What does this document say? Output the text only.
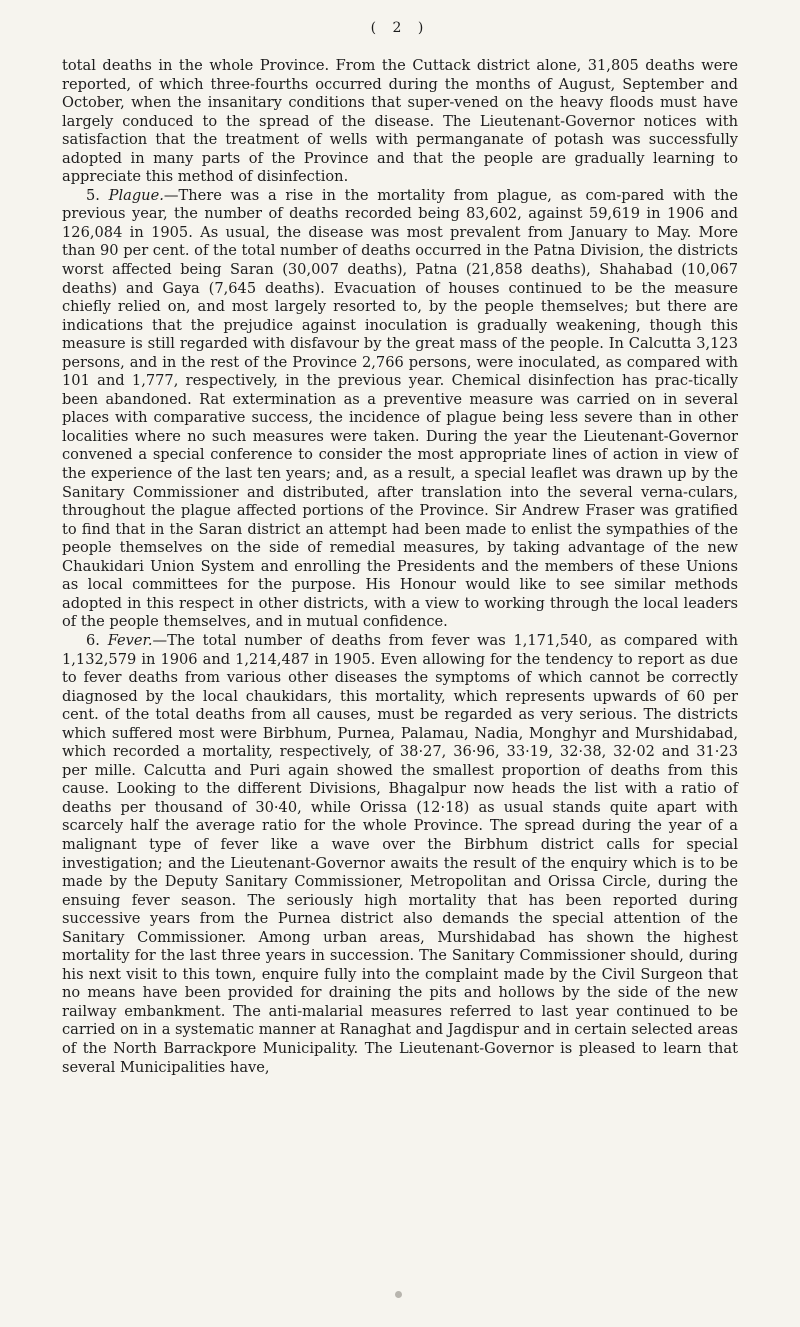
( 2 )

total deaths in the whole Province. From the Cuttack district alone, 31,805 deaths were reported, of which three-fourths occurred during the months of August, September and October, when the insanitary conditions that super-vened on the heavy floods must have largely conduced to the spread of the disease. The Lieutenant-Governor notices with satisfaction that the treatment of wells with permanganate of potash was successfully adopted in many parts of the Province and that the people are gradually learning to appreciate this method of disinfection.

5. Plague.—There was a rise in the mortality from plague, as com-pared with the previous year, the number of deaths recorded being 83,602, against 59,619 in 1906 and 126,084 in 1905. As usual, the disease was most prevalent from January to May. More than 90 per cent. of the total number of deaths occurred in the Patna Division, the districts worst affected being Saran (30,007 deaths), Patna (21,858 deaths), Shahabad (10,067 deaths) and Gaya (7,645 deaths). Evacuation of houses continued to be the measure chiefly relied on, and most largely resorted to, by the people themselves; but there are indications that the prejudice against inoculation is gradually weakening, though this measure is still regarded with disfavour by the great mass of the people. In Calcutta 3,123 persons, and in the rest of the Province 2,766 persons, were inoculated, as compared with 101 and 1,777, respectively, in the previous year. Chemical disinfection has prac-tically been abandoned. Rat extermination as a preventive measure was carried on in several places with comparative success, the incidence of plague being less severe than in other localities where no such measures were taken. During the year the Lieutenant-Governor convened a special conference to consider the most appropriate lines of action in view of the experience of the last ten years; and, as a result, a special leaflet was drawn up by the Sanitary Commissioner and distributed, after translation into the several verna-culars, throughout the plague affected portions of the Province. Sir Andrew Fraser was gratified to find that in the Saran district an attempt had been made to enlist the sympathies of the people themselves on the side of remedial measures, by taking advantage of the new Chaukidari Union System and enrolling the Presidents and the members of these Unions as local committees for the purpose. His Honour would like to see similar methods adopted in this respect in other districts, with a view to working through the local leaders of the people themselves, and in mutual confidence.

6. Fever.—The total number of deaths from fever was 1,171,540, as compared with 1,132,579 in 1906 and 1,214,487 in 1905. Even allowing for the tendency to report as due to fever deaths from various other diseases the symptoms of which cannot be correctly diagnosed by the local chaukidars, this mortality, which represents upwards of 60 per cent. of the total deaths from all causes, must be regarded as very serious. The districts which suffered most were Birbhum, Purnea, Palamau, Nadia, Monghyr and Murshidabad, which recorded a mortality, respectively, of 38·27, 36·96, 33·19, 32·38, 32·02 and 31·23 per mille. Calcutta and Puri again showed the smallest proportion of deaths from this cause. Looking to the different Divisions, Bhagalpur now heads the list with a ratio of deaths per thousand of 30·40, while Orissa (12·18) as usual stands quite apart with scarcely half the average ratio for the whole Province. The spread during the year of a malignant type of fever like a wave over the Birbhum district calls for special investigation; and the Lieutenant-Governor awaits the result of the enquiry which is to be made by the Deputy Sanitary Commissioner, Metropolitan and Orissa Circle, during the ensuing fever season. The seriously high mortality that has been reported during successive years from the Purnea district also demands the special attention of the Sanitary Commissioner. Among urban areas, Murshidabad has shown the highest mortality for the last three years in succession. The Sanitary Commissioner should, during his next visit to this town, enquire fully into the complaint made by the Civil Surgeon that no means have been provided for draining the pits and hollows by the side of the new railway embankment. The anti-malarial measures referred to last year continued to be carried on in a systematic manner at Ranaghat and Jagdispur and in certain selected areas of the North Barrackpore Municipality. The Lieutenant-Governor is pleased to learn that several Municipalities have,
